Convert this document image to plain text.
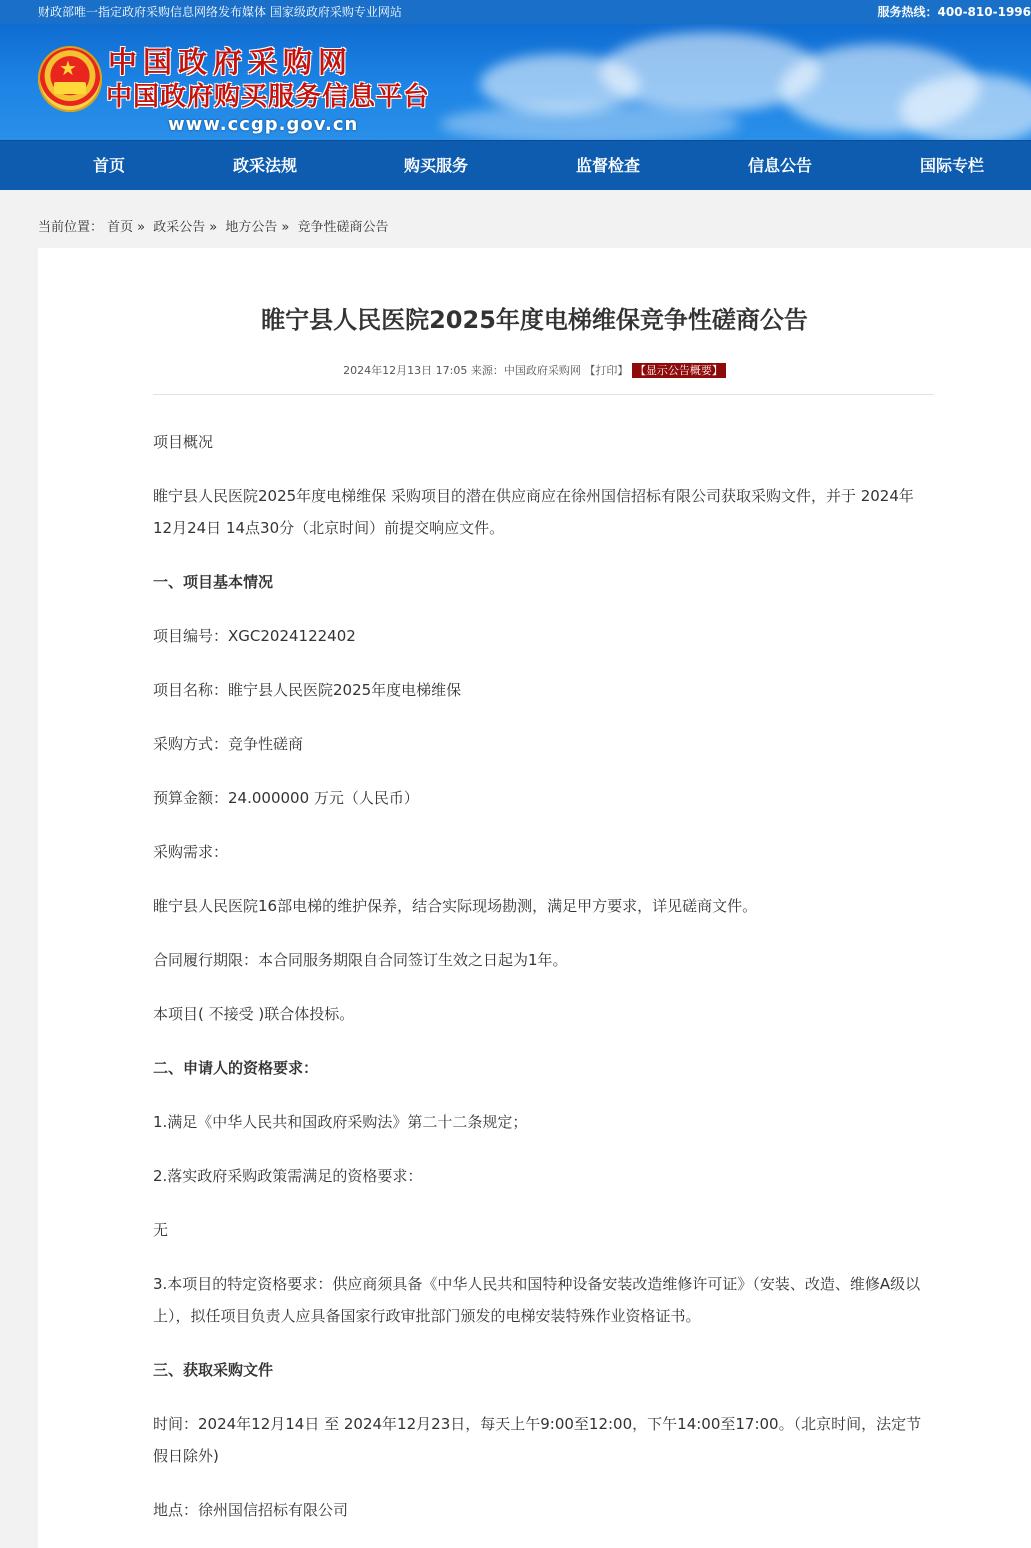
财政部唯一指定政府采购信息网络发布媒体 国家级政府采购专业网站	服务热线：400-810-1996
★ 中国政府采购网
中国政府购买服务信息平台
www.ccgp.gov.cn
首页	政采法规	购买服务	监督检查	信息公告	国际专栏
当前位置： 首页 » 政采公告 » 地方公告 » 竞争性磋商公告
睢宁县人民医院2025年度电梯维保竞争性磋商公告
2024年12月13日 17:05 来源：中国政府采购网 【打印】 【显示公告概要】

项目概况

睢宁县人民医院2025年度电梯维保 采购项目的潜在供应商应在徐州国信招标有限公司获取采购文件，并于 2024年12月24日 14点30分（北京时间）前提交响应文件。

一、项目基本情况

项目编号：XGC2024122402

项目名称：睢宁县人民医院2025年度电梯维保

采购方式：竞争性磋商

预算金额：24.000000 万元（人民币）

采购需求：

睢宁县人民医院16部电梯的维护保养，结合实际现场勘测，满足甲方要求，详见磋商文件。

合同履行期限：本合同服务期限自合同签订生效之日起为1年。

本项目( 不接受 )联合体投标。

二、申请人的资格要求：

1.满足《中华人民共和国政府采购法》第二十二条规定；

2.落实政府采购政策需满足的资格要求：

无

3.本项目的特定资格要求：供应商须具备《中华人民共和国特种设备安装改造维修许可证》（安装、改造、维修A级以上），拟任项目负责人应具备国家行政审批部门颁发的电梯安装特殊作业资格证书。

三、获取采购文件

时间：2024年12月14日 至 2024年12月23日，每天上午9:00至12:00，下午14:00至17:00。（北京时间，法定节假日除外)

地点：徐州国信招标有限公司
